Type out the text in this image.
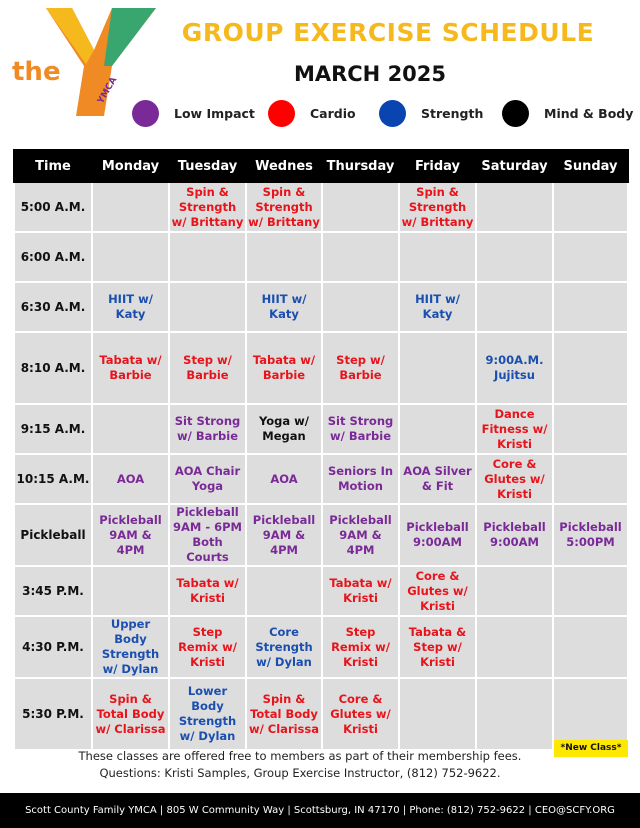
the
YMCA
GROUP EXERCISE SCHEDULE
MARCH 2025
Low Impact	Cardio	Strength	Mind & Body
Time	Monday	Tuesday	Wednes	Thursday	Friday	Saturday	Sunday
5:00 A.M.		Spin & Strength w/ Brittany	Spin & Strength w/ Brittany		Spin & Strength w/ Brittany		
6:00 A.M.							
6:30 A.M.	HIIT w/ Katy		HIIT w/ Katy		HIIT w/ Katy		
8:10 A.M.	Tabata w/ Barbie	Step w/ Barbie	Tabata w/ Barbie	Step w/ Barbie		9:00A.M. Jujitsu	
9:15 A.M.		Sit Strong w/ Barbie	Yoga w/ Megan	Sit Strong w/ Barbie		Dance Fitness w/ Kristi	
10:15 A.M.	AOA	AOA Chair Yoga	AOA	Seniors In Motion	AOA Silver & Fit	Core & Glutes w/ Kristi	
Pickleball	Pickleball 9AM & 4PM	Pickleball 9AM - 6PM Both Courts	Pickleball 9AM & 4PM	Pickleball 9AM & 4PM	Pickleball 9:00AM	Pickleball 9:00AM	Pickleball 5:00PM
3:45 P.M.		Tabata w/ Kristi		Tabata w/ Kristi	Core & Glutes w/ Kristi		
4:30 P.M.	Upper Body Strength w/ Dylan	Step Remix w/ Kristi	Core Strength w/ Dylan	Step Remix w/ Kristi	Tabata & Step w/ Kristi		
5:30 P.M.	Spin & Total Body w/ Clarissa	Lower Body Strength w/ Dylan	Spin & Total Body w/ Clarissa	Core & Glutes w/ Kristi			
These classes are offered free to members as part of their membership fees.
Questions: Kristi Samples, Group Exercise Instructor, (812) 752-9622.
*New Class*
Scott County Family YMCA | 805 W Community Way | Scottsburg, IN 47170 | Phone: (812) 752-9622 | CEO@SCFY.ORG
